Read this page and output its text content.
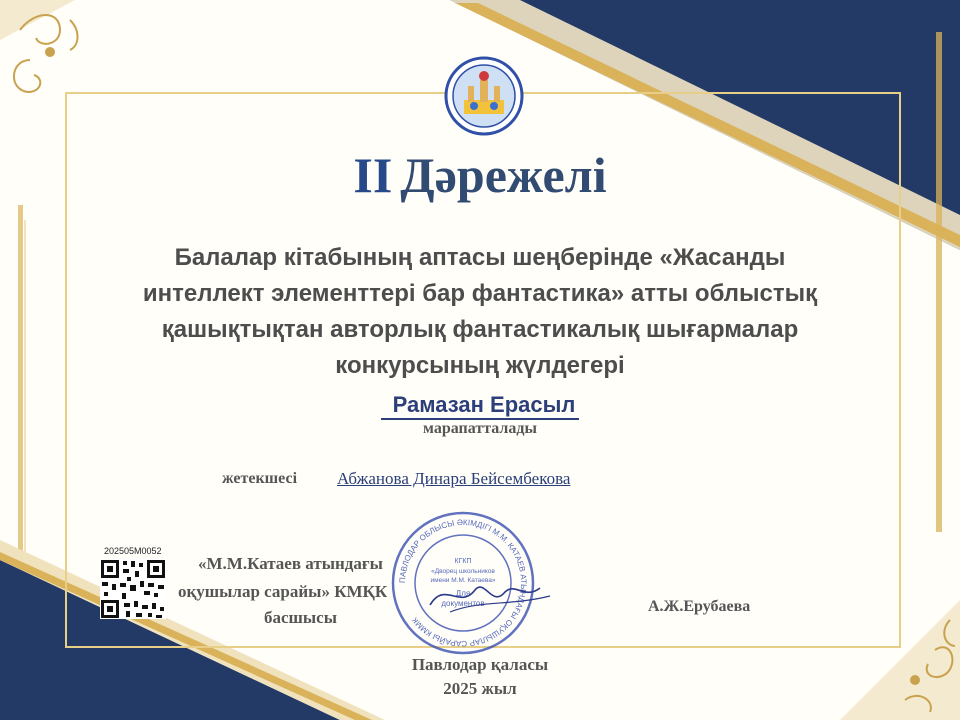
II Дәрежелі
Балалар кітабының аптасы шеңберінде «Жасанды
интеллект элементтері бар фантастика» атты облыстық
қашықтықтан авторлық фантастикалық шығармалар
конкурсының жүлдегері
Рамазан Ерасыл
марапатталады
жетекшесі Абжанова Динара Бейсембекова
202505M0052
«М.М.Катаев атындағы
оқушылар сарайы» КМҚК
басшысы
ПАВЛОДАР ОБЛЫСЫ ӘКІМДІГІ М.М. КАТАЕВ АТЫНДАҒЫ ОҚУШЫЛАР САРАЙЫ КММК
КГКП
«Дворец школьников
имени М.М. Катаева»
Для
документов	А.Ж.Ерубаева
Павлодар қаласы
2025 жыл
